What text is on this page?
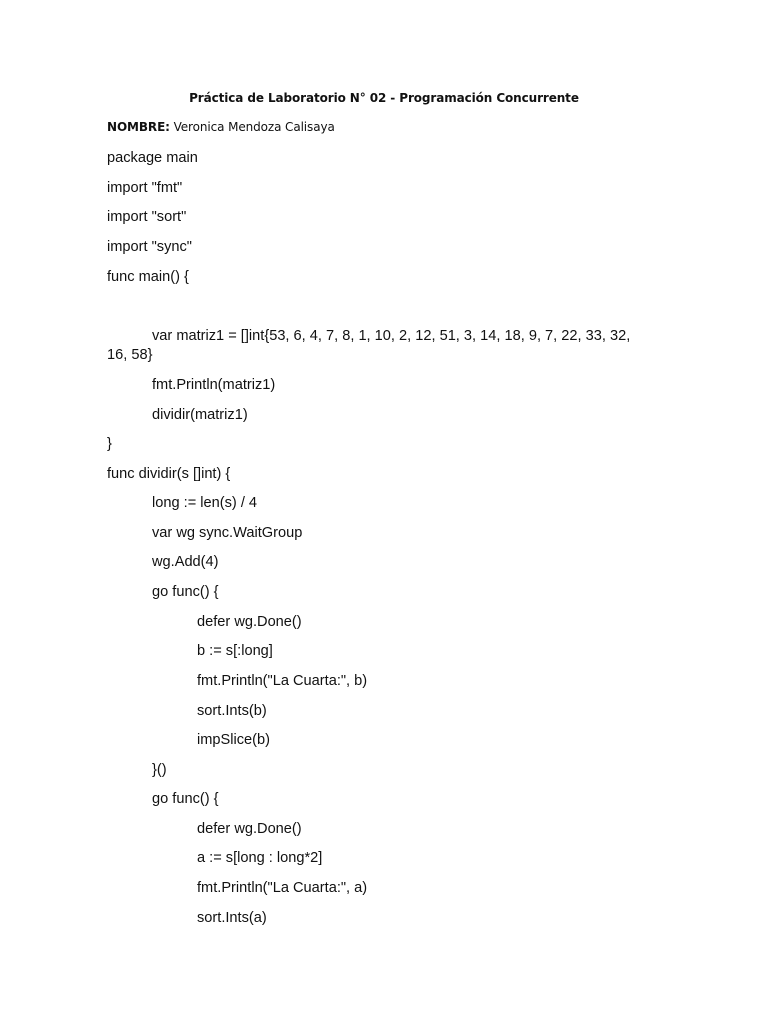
Práctica de Laboratorio N° 02 - Programación Concurrente
NOMBRE: Veronica Mendoza Calisaya
package main
import "fmt"
import "sort"
import "sync"
func main() {
var matriz1 = []int{53, 6, 4, 7, 8, 1, 10, 2, 12, 51, 3, 14, 18, 9, 7, 22, 33, 32,
16, 58}
fmt.Println(matriz1)
dividir(matriz1)
}
func dividir(s []int) {
long := len(s) / 4
var wg sync.WaitGroup
wg.Add(4)
go func() {
defer wg.Done()
b := s[:long]
fmt.Println("La Cuarta:", b)
sort.Ints(b)
impSlice(b)
}()
go func() {
defer wg.Done()
a := s[long : long*2]
fmt.Println("La Cuarta:", a)
sort.Ints(a)
